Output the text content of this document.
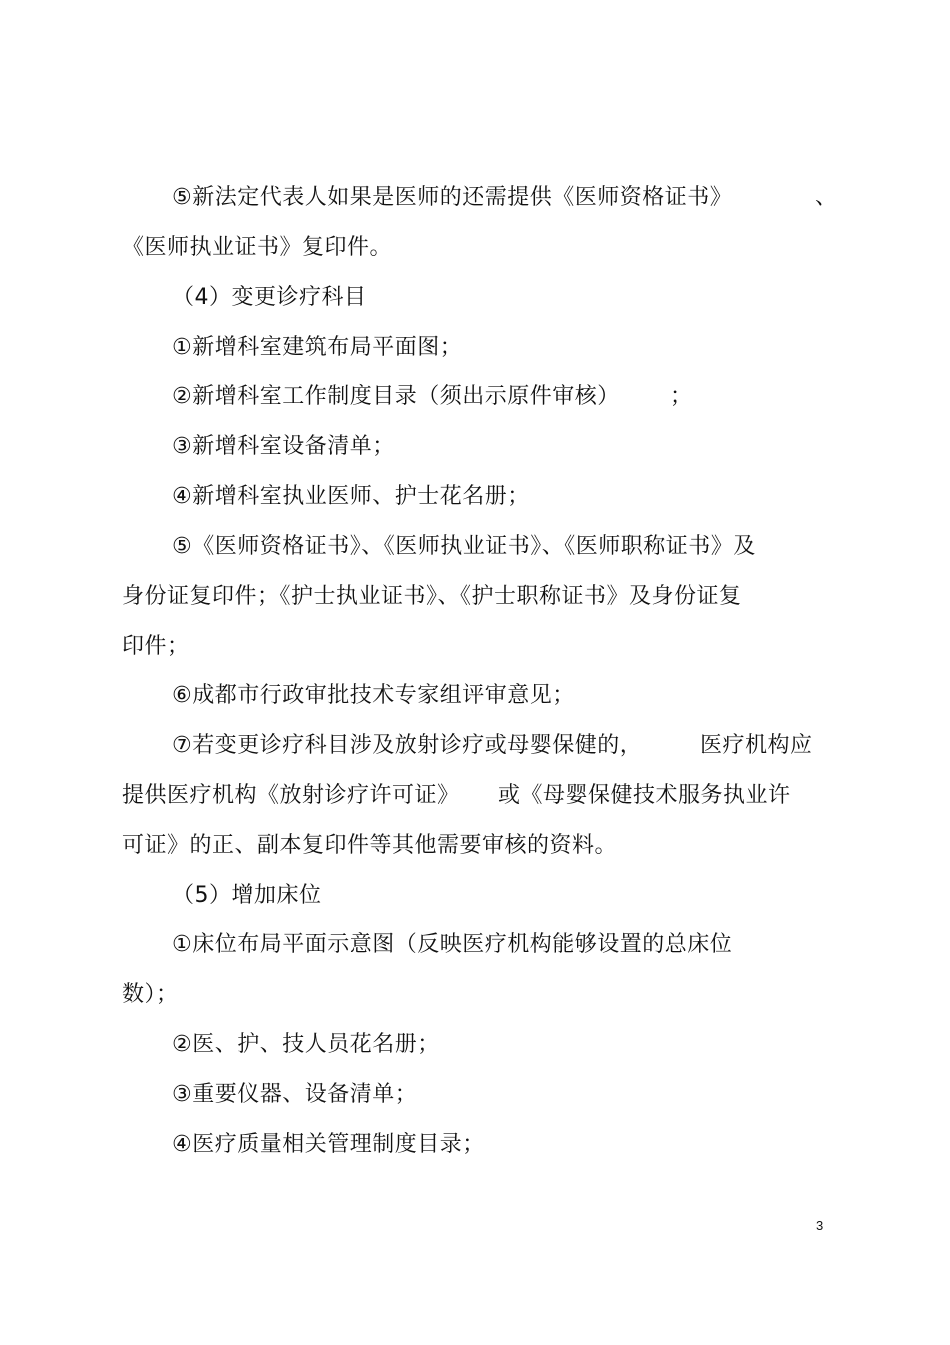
⑤新法定代表人如果是医师的还需提供《医师资格证书》	、
《医师执业证书》复印件。
（4）变更诊疗科目
①新增科室建筑布局平面图；
②新增科室工作制度目录（须出示原件审核） ；
③新增科室设备清单；
④新增科室执业医师、护士花名册；
⑤《医师资格证书》、《医师执业证书》、《医师职称证书》及
身份证复印件；《护士执业证书》、《护士职称证书》及身份证复
印件；
⑥成都市行政审批技术专家组评审意见；
⑦若变更诊疗科目涉及放射诊疗或母婴保健的，	医疗机构应
提供医疗机构《放射诊疗许可证》 或《母婴保健技术服务执业许
可证》的正、副本复印件等其他需要审核的资料。
（5）增加床位
①床位布局平面示意图（反映医疗机构能够设置的总床位
数）；
②医、护、技人员花名册；
③重要仪器、设备清单；
④医疗质量相关管理制度目录；
3
